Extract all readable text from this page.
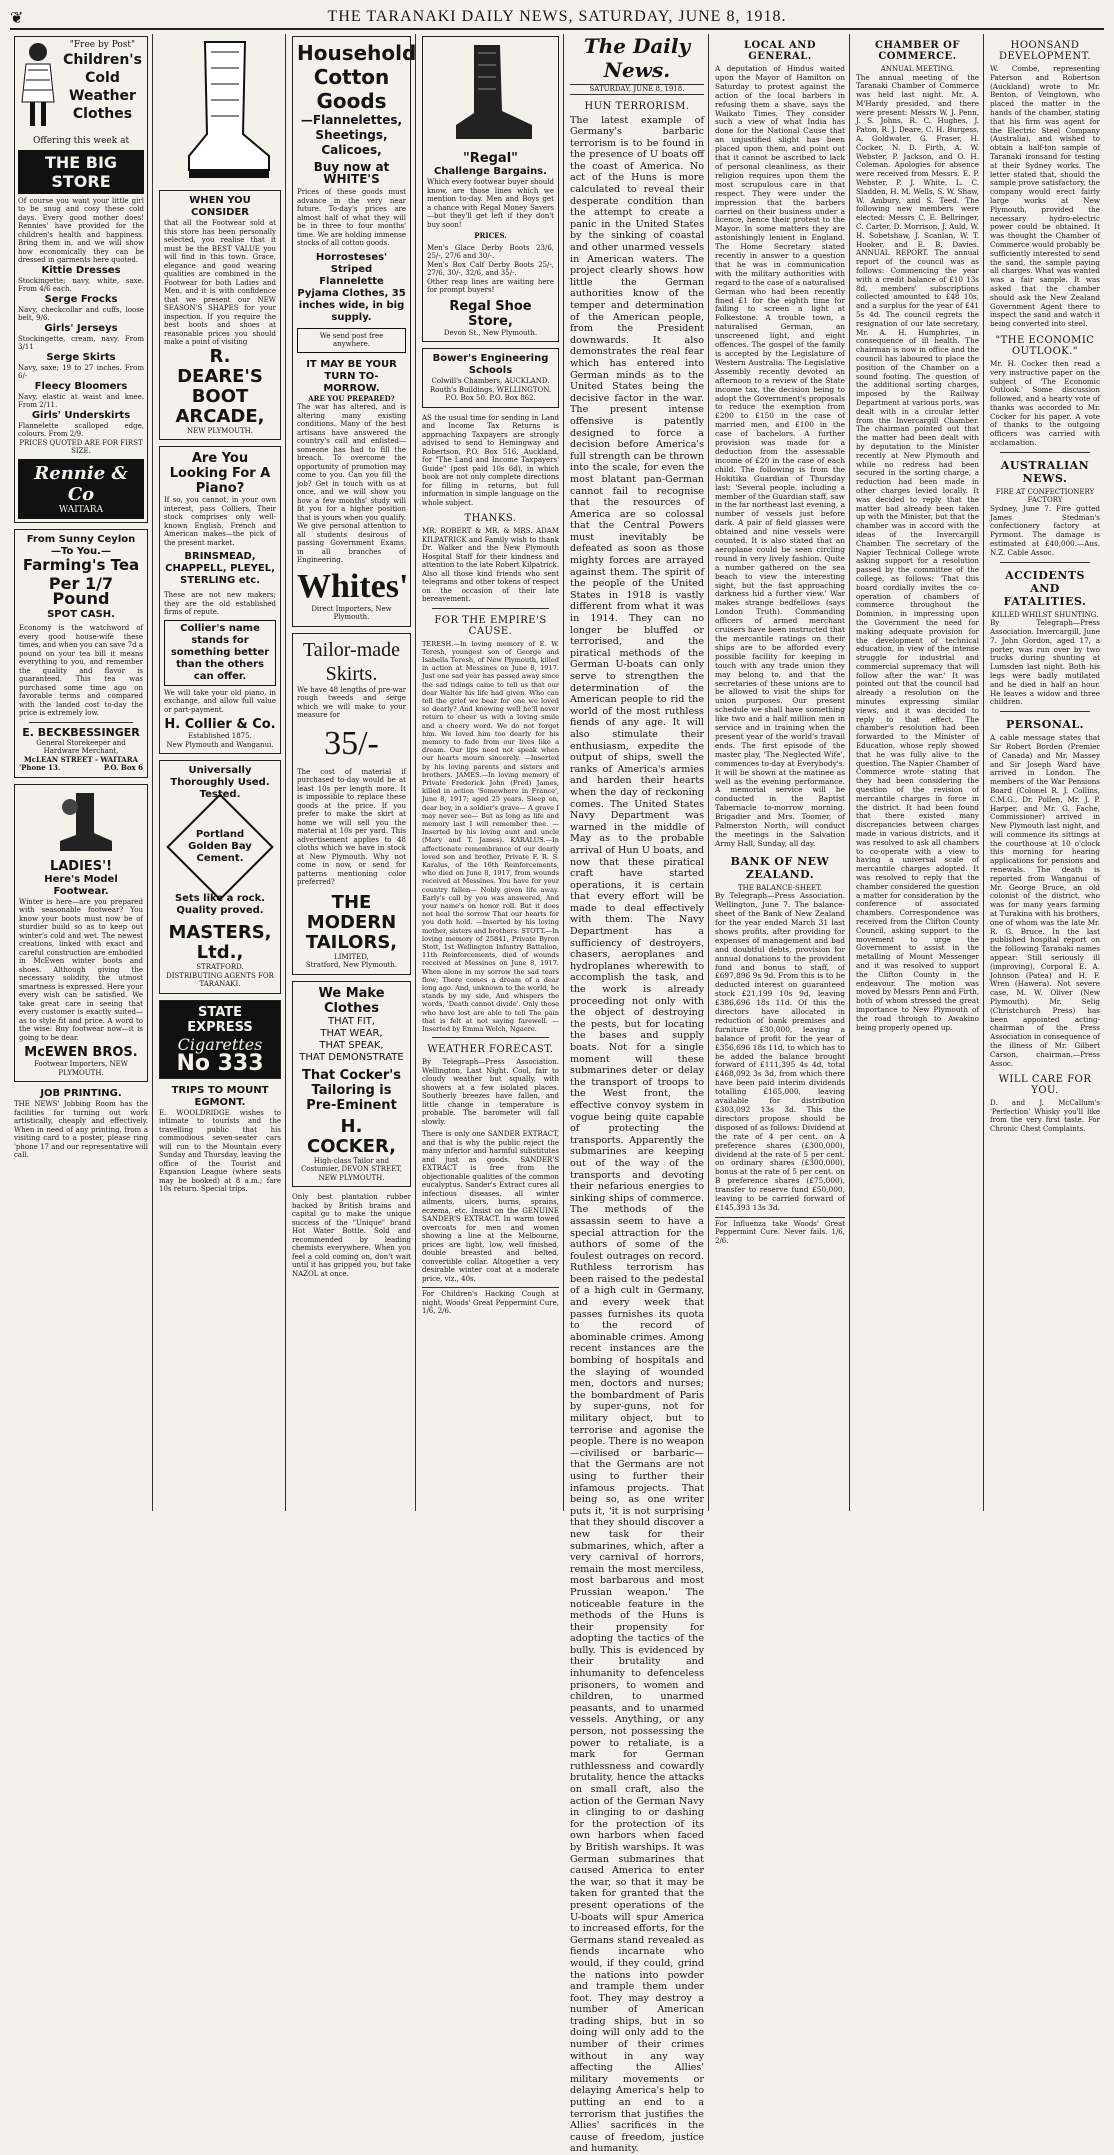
❦	THE TARANAKI DAILY NEWS, SATURDAY, JUNE 8, 1918.
"Free by Post"
Children's Cold Weather Clothes
Offering this week at
THE BIG STORE
Of course you want your little girl to be snug and cosy these cold days. Every good mother does! Rennies' have provided for the children's health and happiness. Bring them in, and we will show how economically they can be dressed in garments here quoted.
Kittie Dresses
Stockingette; navy, white, saxe. From 4/6 each.
Serge Frocks
Navy, checkcollar and cuffs, loose belt, 9/6.
Girls' Jerseys
Stockingette, cream, navy. From 3/11
Serge Skirts
Navy, saxe; 19 to 27 inches. From 6/-
Fleecy Bloomers
Navy, elastic at waist and knee. From 2/11.
Girls' Underskirts
Flannelette scalloped edge, colours. From 2/9.
PRICES QUOTED ARE FOR FIRST SIZE.
Rennie & Co
WAITARA
From Sunny Ceylon
—To You.—
Farming's Tea
Per 1/7 Pound
SPOT CASH.
Economy is the watchword of every good house-wife these times, and when you can save 7d a pound on your tea bill it means everything to you, and remember the quality and flavor is guaranteed. This tea was purchased some time ago on favorable terms and compared with the landed cost to-day the price is extremely low.
E. BECKBESSINGER
General Storekeeper and Hardware Merchant,
McLEAN STREET - WAITARA
'Phone 13.	P.O. Box 6
LADIES'!
Here's Model Footwear.
Winter is here—are you prepared with seasonable footwear? You know your boots must now be of sturdier build so as to keep out winter's cold and wet. The newest creations, linked with exact and careful construction are embodied in McEwen winter boots and shoes. Although giving the necessary solidity, the utmost smartness is expressed. Here your every wish can be satisfied. We take great care in seeing that every customer is exactly suited—as to style fit and price. A word to the wise: Buy footwear now—it is going to be dear.
McEWEN BROS.
Footwear Importers, NEW PLYMOUTH.
JOB PRINTING.
THE NEWS' Jobbing Room has the facilities for turning out work artistically, cheaply and effectively. When in need of any printing, from a visiting card to a poster, please ring 'phone 17 and our representative will call.
WHEN YOU CONSIDER
that all the Footwear sold at this store has been personally selected, you realise that it must be the BEST VALUE you will find in this town. Grace, elegance and good wearing qualities are combined in the Footwear for both Ladies and Men, and it is with confidence that we present our NEW SEASON'S SHAPES for your inspection. If you require the best boots and shoes at reasonable prices you should make a point of visiting
R. DEARE'S BOOT ARCADE,
NEW PLYMOUTH.
Are You Looking For A Piano?
If so, you cannot, in your own interest, pass Colliers, Their stock comprises only well-known English, French and American makes—the pick of the present market.
BRINSMEAD, CHAPPELL, PLEYEL, STERLING etc.
These are not new makers; they are the old established firms of repute.
Collier's name stands for something better than the others can offer.
We will take your old piano, in exchange, and allow full value or part-payment.
H. Collier & Co.
Established 1875.
New Plymouth and Wanganui.
Universally Thoroughly Used. Tested.
Portland Golden Bay Cement.
Sets like a rock. Quality proved.
MASTERS, Ltd.,
STRATFORD.
DISTRIBUTING AGENTS FOR TARANAKI.
STATE EXPRESS
Cigarettes
No 333
TRIPS TO MOUNT EGMONT.
E. WOOLDRIDGE wishes to intimate to tourists and the travelling public that his commodious seven-seater cars will run to the Mountain every Sunday and Thursday, leaving the office of the Tourist and Expansion League (where seats may be booked) at 8 a.m.; fare 10s return. Special trips.
Household Cotton Goods
—Flannelettes, Sheetings, Calicoes,
Buy now at WHITE'S
Prices of these goods must advance in the very near future. To-day's prices are almost half of what they will be in three to four months' time. We are holding immense stocks of all cotton goods.
Horrosteses' Striped Flannelette Pyjama Clothes, 35 inches wide, in big supply.
We send post free anywhere.
IT MAY BE YOUR TURN TO-MORROW.
ARE YOU PREPARED?
The war has altered, and is altering many existing conditions. Many of the best artisans have answered the country's call and enlisted—someone has had to fill the breach. To overcome the opportunity of promotion may come to you. Can you fill the job? Get in touch with us at once, and we will show you how a few months' study will fit you for a higher position that is yours when you qualify. We give personal attention to all students desirous of passing Government Exams. in all branches of Engineering.
Whites'
Direct Importers, New Plymouth.
Tailor-made Skirts.
We have 48 lengths of pre-war rough tweeds and serge which we will make to your measure for
35/-
The cost of material if purchased to-day would be at least 10s per length more. It is impossible to replace these goods at the price. If you prefer to make the skirt at home we will sell you the material at 10s per yard. This advertisement applies to 48 cloths which we have in stock at New Plymouth. Why not come in now, or send for patterns mentioning color preferred?
THE MODERN TAILORS,
LIMITED,
Stratford, New Plymouth.
We Make Clothes
THAT FIT,
THAT WEAR,
THAT SPEAK,
THAT DEMONSTRATE
That Cocker's Tailoring is Pre-Eminent
H. COCKER,
High-class Tailor and Costumier, DEVON STREET, NEW PLYMOUTH.
Only best plantation rubber backed by British brains and capital go to make the unique success of the "Unique" brand Hot Water Bottle. Sold and recommended by leading chemists everywhere. When you feel a cold coming on, don't wait until it has gripped you, but take NAZOL at once.
"Regal"
Challenge Bargains.
Which every footwear buyer should know, are those lines which we mention to-day. Men and Boys get a chance with Regal Money Savers—but they'll get left if they don't buy soon!
PRICES.
Men's Glace Derby Boots 23/6, 25/-, 27/6 and 30/-.
Men's Box Calf Derby Boots 25/-, 27/6, 30/-, 32/6, and 35/-.
Other reap lines are waiting here for prompt buyers!
Regal Shoe Store,
Devon St., New Plymouth.
Bower's Engineering Schools
Colwill's Chambers, AUCKLAND. Routh's Buildings, WELLINGTON.
P.O. Box 50. P.O. Box 862.
AS the usual time for sending in Land and Income Tax Returns is approaching Taxpayers are strongly advised to send to Hemingway and Robertson, P.O. Box 516, Auckland, for "The Land and Income Taxpayers' Guide" (post paid 10s 6d), in which book are not only complete directions for filling in returns, but full information in simple language on the whole subject.
THANKS.
MR. ROBERT & MR. & MRS. ADAM KILPATRICK and Family wish to thank Dr. Walker and the New Plymouth Hospital Staff for their kindness and attention to the late Robert Kilpatrick. Also all those kind friends who sent telegrams and other tokens of respect on the occasion of their late bereavement.
FOR THE EMPIRE'S CAUSE.
TERESH.—In loving memory of E. W. Teresh, youngest son of George and Isabella Teresh, of New Plymouth, killed in action at Messines on June 8, 1917. Just one sad year has passed away since the sad tidings came to tell us that our dear Walter his life had given. Who can tell the grief we bear for one we loved so dearly? And knowing well he'll never return to cheer us with a loving smile and a cheery word. We do not forget him. We loved him too dearly for his memory to fade from our lives like a dream. Our lips need not speak when our hearts mourn sincerely. —Inserted by his loving parents and sisters and brothers. JAMES.—In loving memory of Private Frederick John (Fred) James, killed in action 'Somewhere in France', June 8, 1917; aged 25 years. Sleep on, dear boy, in a soldier's grave— A grave I may never see— But as long as life and memory last I will remember thee. —Inserted by his loving aunt and uncle (Mary and T. James). KARALUS.—In affectionate remembrance of our dearly loved son and brother, Private F. R. S. Karalus, of the 16th Reinforcements, who died on June 8, 1917, from wounds received at Messines. You have for your country fallen— Nobly given life away. Early's call by you was answered, And your name's on honor roll. But it does not heal the sorrow That our hearts for you doth hold. —Inserted by his loving mother, sisters and brothers. STOTT.—In loving memory of 25841, Private Byron Stott, 1st Wellington Infantry Battalion, 11th Reinforcements, died of wounds received at Messines on June 8, 1917. When alone in my sorrow the sad tears flow; There comes a dream of a dear long ago. And, unknown to the world, he stands by my side, And whispers the words, 'Death cannot divide'. Only those who have lost are able to tell The pain that is felt at not saying farewell. —Inserted by Emma Welch, Ngaere.
WEATHER FORECAST.
By Telegraph—Press Association. Wellington, Last Night. Cool, fair to cloudy weather but squally, with showers at a few isolated places. Southerly breezes have fallen, and little change in temperature is probable. The barometer will fall slowly.
There is only one SANDER EXTRACT, and that is why the public reject the many inferior and harmful substitutes and just as goods. SANDER'S EXTRACT is free from the objectionable qualities of the common eucalyptus. Sander's Extract cures all infectious diseases, all winter ailments, ulcers, burns, sprains, eczema, etc. Insist on the GENUINE SANDER'S EXTRACT. In warm towed overcoats for men and women showing a line at the Melbourne, prices are light, low, well finished, double breasted and belted, convertible collar. Altogether a very desirable winter coat at a moderate price, viz., 40s.
For Children's Hacking Cough at night, Woods' Great Peppermint Cure, 1/6, 2/6.
The Daily News.
SATURDAY, JUNE 8, 1918.
HUN TERRORISM.
The latest example of Germany's barbaric terrorism is to be found in the presence of U boats off the coast of America. No act of the Huns is more calculated to reveal their desperate condition than the attempt to create a panic in the United States by the sinking of coastal and other unarmed vessels in American waters. The project clearly shows how little the German authorities know of the temper and determination of the American people, from the President downwards. It also demonstrates the real fear which has entered into German minds as to the United States being the decisive factor in the war. The present intense offensive is patently designed to force a decision before America's full strength can be thrown into the scale, for even the most blatant pan-German cannot fail to recognise that the resources of America are so colossal that the Central Powers must inevitably be defeated as soon as those mighty forces are arrayed against them. The spirit of the people of the United States in 1918 is vastly different from what it was in 1914. They can no longer be bluffed or terrorised, and the piratical methods of the German U-boats can only serve to strengthen the determination of the American people to rid the world of the most ruthless fiends of any age. It will also stimulate their enthusiasm, expedite the output of ships, swell the ranks of America's armies and harden their hearts when the day of reckoning comes. The United States Navy Department was warned in the middle of May as to the probable arrival of Hun U boats, and now that these piratical craft have started operations, it is certain that every effort will be made to deal effectively with them. The Navy Department has a sufficiency of destroyers, chasers, aeroplanes and hydroplanes wherewith to accomplish the task, and the work is already proceeding not only with the object of destroying the pests, but for locating the bases and supply boats. Not for a single moment will these submarines deter or delay the transport of troops to the West front, the effective convoy system in vogue being quite capable of protecting the transports. Apparently the submarines are keeping out of the way of the transports and devoting their nefarious energies to sinking ships of commerce. The methods of the assassin seem to have a special attraction for the authors of some of the foulest outrages on record. Ruthless terrorism has been raised to the pedestal of a high cult in Germany, and every week that passes furnishes its quota to the record of abominable crimes. Among recent instances are the bombing of hospitals and the slaying of wounded men, doctors and nurses; the bombardment of Paris by super-guns, not for military object, but to terrorise and agonise the people. There is no weapon—civilised or barbaric—that the Germans are not using to further their infamous projects. That being so, as one writer puts it, 'it is not surprising that they should discover a new task for their submarines, which, after a very carnival of horrors, remain the most merciless, most barbarous and most Prussian weapon.' The noticeable feature in the methods of the Huns is their propensity for adopting the tactics of the bully. This is evidenced by their brutality and inhumanity to defenceless prisoners, to women and children, to unarmed peasants, and to unarmed vessels. Anything, or any person, not possessing the power to retaliate, is a mark for German ruthlessness and cowardly brutality, hence the attacks on small craft, also the action of the German Navy in clinging to or dashing for the protection of its own harbors when faced by British warships. It was German submarines that caused America to enter the war, so that it may be taken for granted that the present operations of the U-boats will spur America to increased efforts, for the Germans stand revealed as fiends incarnate who would, if they could, grind the nations into powder and trample them under foot. They may destroy a number of American trading ships, but in so doing will only add to the number of their crimes without in any way affecting the Allies' military movements or delaying America's help to putting an end to a terrorism that justifies the Allies' sacrifices in the cause of freedom, justice and humanity.
LOCAL AND GENERAL.
A deputation of Hindus waited upon the Mayor of Hamilton on Saturday to protest against the action of the local barbers in refusing them a shave, says the Waikato Times. They consider such a view of what India has done for the National Cause that an unjustified slight has been placed upon them, and point out that it cannot be ascribed to lack of personal cleanliness, as their religion requires upon them the most scrupulous care in that respect. They were under the impression that the barbers carried on their business under a licence, hence their protest to the Mayor. In some matters they are astonishingly lenient in England. The Home Secretary stated recently in answer to a question that he was in communication with the military authorities with regard to the case of a naturalised German who had been recently fined £1 for the eighth time for failing to screen a light at Folkestone. A trouble town, a naturalised German, an unscreened light, and eight offences. The gospel of the family is accepted by the Legislature of Western Australia. The Legislative Assembly recently devoted an afternoon to a review of the State income tax, the decision being to adopt the Government's proposals to reduce the exemption from £200 to £150 in the case of married men, and £100 in the case of bachelors. A further provision was made for a deduction from the assessable income of £20 in the case of each child. The following is from the Hokitika Guardian of Thursday last: 'Several people, including a member of the Guardian staff, saw in the far northeast last evening, a number of vessels just before dark. A pair of field glasses were obtained and nine vessels were counted. It is also stated that an aeroplane could be seen circling round in very lively fashion. Quite a number gathered on the sea beach to view the interesting sight, but the fast approaching darkness hid a further view.' War makes strange bedfellows (says London Truth). Commanding officers of armed merchant cruisers have been instructed that the mercantile ratings on their ships are to be afforded every possible facility for keeping in touch with any trade union they may belong to, and that the secretaries of these unions are to be allowed to visit the ships for union purposes. Our present schedule we shall have something like two and a half million men in service and in training when the present year of the world's travail ends. The first episode of the master play, 'The Neglected Wife', commences to-day at Everybody's. It will be shown at the matinee as well as the evening performance. A memorial service will be conducted in the Baptist Tabernacle to-morrow morning. Brigadier and Mrs. Toomer, of Palmerston North, will conduct the meetings in the Salvation Army Hall, Sunday, all day.
BANK OF NEW ZEALAND.
THE BALANCE-SHEET.
By Telegraph—Press Association. Wellington, June 7. The balance-sheet of the Bank of New Zealand for the year ended March 31 last shows profits, after providing for expenses of management and bad and doubtful debts, provision for annual donations to the provident fund and bonus to staff, of £697,896 9s 9d. From this is to be deducted interest on guaranteed stock £21,199 10s 9d, leaving £386,696 18s 11d. Of this the directors have allocated in reduction of bank premises and furniture £30,000, leaving a balance of profit for the year of £356,696 18s 11d, to which has to be added the balance brought forward of £111,395 4s 4d, total £468,092 3s 3d, from which there have been paid interim dividends totalling £165,000, leaving available for distribution £303,092 13s 3d. This the directors propose should be disposed of as follows: Dividend at the rate of 4 per cent. on A preference shares (£300,000), dividend at the rate of 5 per cent. on ordinary shares (£300,000), bonus at the rate of 5 per cent. on B preference shares (£75,000), transfer to reserve fund £50,000, leaving to be carried forward of £145,393 13s 3d.
For Influenza take Woods' Great Peppermint Cure. Never fails. 1/6, 2/6.
CHAMBER OF COMMERCE.
ANNUAL MEETING.
The annual meeting of the Taranaki Chamber of Commerce was held last night. Mr. A. M'Hardy presided, and there were present: Messrs W. J. Penn, J. S. Johns, R. C. Hughes, J. Paton, R. J. Deare, C. H. Burgess, A. Goldwater, G. Fraser, H. Cocker, N. D. Firth, A. W. Webster, P. Jackson, and O. H. Coleman. Apologies for absence were received from Messrs. E. P. Webster, P. J. White, L. C. Sladden, H. M. Wells, S. W. Shaw, W. Ambury, and S. Teed. The following new members were elected: Messrs C. E. Bellringer, C. Carter, D. Morrison, J. Auld, W. H. Sobetshaw, J. Scanlan, W. T. Hooker, and E. B. Davies. ANNUAL REPORT. The annual report of the council was as follows: Commencing the year with a credit balance of £10 13s 8d, members' subscriptions collected amounted to £48 10s, and a surplus for the year of £41 5s 4d. The council regrets the resignation of our late secretary, Mr. A. H. Humphries, in consequence of ill health. The chairman is now in office and the council has laboured to place the position of the Chamber on a sound footing. The question of the additional sorting charges, imposed by the Railway Department at various ports, was dealt with in a circular letter from the Invercargill Chamber. The chairman pointed out that the matter had been dealt with by deputation to the Minister recently at New Plymouth and while no redress had been secured in the sorting charge, a reduction had been made in other charges levied locally. It was decided to reply that the matter had already been taken up with the Minister, but that the chamber was in accord with the ideas of the Invercargill Chamber. The secretary of the Napier Technical College wrote asking support for a resolution passed by the committee of the college, as follows: 'That this board cordially invites the co-operation of chambers of commerce throughout the Dominion, in impressing upon the Government the need for making adequate provision for the development of technical education, in view of the intense struggle for industrial and commercial supremacy that will follow after the war.' It was pointed out that the council had already a resolution on the minutes expressing similar views, and it was decided to reply to that effect. The chamber's resolution had been forwarded to the Minister of Education, whose reply showed that he was fully alive to the question. The Napier Chamber of Commerce wrote stating that they had been considering the question of the revision of mercantile charges in force in the district. It had been found that there existed many discrepancies between charges made in various districts, and it was resolved to ask all chambers to co-operate with a view to having a universal scale of mercantile charges adopted. It was resolved to reply that the chamber considered the question a matter for consideration by the conference of associated chambers. Correspondence was received from the Clifton County Council, asking support to the movement to urge the Government to assist in the metalling of Mount Messenger and it was resolved to support the Clifton County in the endeavour. The motion was moved by Messrs Penn and Firth, both of whom stressed the great importance to New Plymouth of the road through to Awakino being properly opened up.
HOONSAND DEVELOPMENT.
W. Combe, representing Paterson and Robertson (Auckland) wrote to Mr. Benton, of Veingtown, who placed the matter in the hands of the chamber, stating that his firm was agent for the Electric Steel Company (Australia), and wished to obtain a half-ton sample of Taranaki ironsand for testing at their Sydney works. The letter stated that, should the sample prove satisfactory, the company would erect fairly large works at New Plymouth, provided the necessary hydro-electric power could be obtained. It was thought the Chamber of Commerce would probably be sufficiently interested to send the sand, the sample paying all charges. What was wanted was a fair sample. It was asked that the chamber should ask the New Zealand Government Agent there to inspect the sand and watch it being converted into steel.
"THE ECONOMIC OUTLOOK."
Mr. H. Cocker then read a very instructive paper on the subject of 'The Economic Outlook.' Some discussion followed, and a hearty vote of thanks was accorded to Mr. Cocker for his paper. A vote of thanks to the outgoing officers was carried with acclamation.
AUSTRALIAN NEWS.
FIRE AT CONFECTIONERY FACTORY
Sydney, June 7. Fire gutted James Stedman's confectionery factory at Pyrmont. The damage is estimated at £40,000.—Aus. N.Z. Cable Assoc.
ACCIDENTS AND FATALITIES.
KILLED WHILST SHUNTING.
By Telegraph—Press Association. Invercargill, June 7. John Gordon, aged 17, a porter, was run over by two trucks during shunting at Lumsden last night. Both his legs were badly mutilated and he died in half an hour. He leaves a widow and three children.
PERSONAL.
A cable message states that Sir Robert Borden (Premier of Canada) and Mr. Massey and Sir Joseph Ward have arrived in London. The members of the War Pensions Board (Colonel R. J. Collins, C.M.G., Dr. Pollen, Mr. J. P. Harper, and Mr. G. Fache, Commissioner) arrived in New Plymouth last night, and will commence its sittings at the courthouse at 10 o'clock this morning for hearing applications for pensions and renewals. The death is reported from Wanganui of Mr. George Bruce, an old colonist of the district, who was for many years farming at Turakina with his brothers, one of whom was the late Mr. R. G. Bruce. In the last published hospital report on the following Taranaki names appear: Still seriously ill (improving), Corporal E. A. Johnson (Patea) and H. F. Wren (Hawera). Not severe case, M. W. Oliver (New Plymouth). Mr. Selig (Christchurch Press) has been appointed acting-chairman of the Press Association in consequence of the illness of Mr. Gilbert Carson, chairman.—Press Assoc.
WILL CARE FOR YOU.
D. and J. McCallum's 'Perfection' Whisky you'll like from the very first taste. For Chronic Chest Complaints.
